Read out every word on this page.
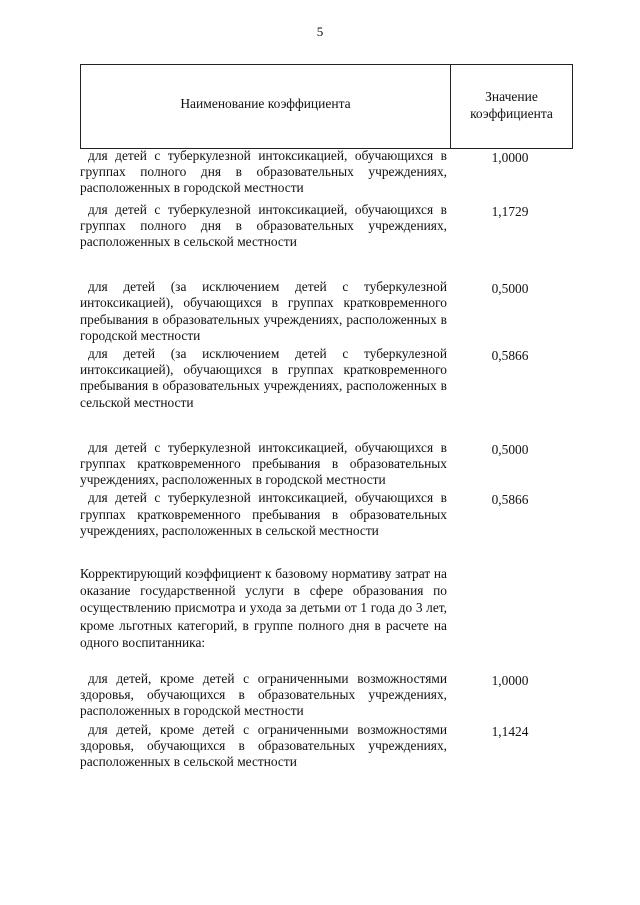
5
Наименование коэффициента	Значение
коэффициента
для детей с туберкулезной интоксикацией, обучающихся в группах полного дня в образовательных учреждениях, расположенных в городской местности
1,0000
для детей с туберкулезной интоксикацией, обучающихся в группах полного дня в образовательных учреждениях, расположенных в сельской местности
1,1729
для детей (за исключением детей с туберкулезной интоксикацией), обучающихся в группах кратковременного пребывания в образовательных учреждениях, расположенных в городской местности
0,5000
для детей (за исключением детей с туберкулезной интоксикацией), обучающихся в группах кратковременного пребывания в образовательных учреждениях, расположенных в сельской местности
0,5866
для детей с туберкулезной интоксикацией, обучающихся в группах кратковременного пребывания в образовательных учреждениях, расположенных в городской местности
0,5000
для детей с туберкулезной интоксикацией, обучающихся в группах кратковременного пребывания в образовательных учреждениях, расположенных в сельской местности
0,5866
Корректирующий коэффициент к базовому нормативу затрат на оказание государственной услуги в сфере образования по осуществлению присмотра и ухода за детьми от 1 года до 3 лет, кроме льготных категорий, в группе полного дня в расчете на одного воспитанника:
для детей, кроме детей с ограниченными возможностями здоровья, обучающихся в образовательных учреждениях, расположенных в городской местности
1,0000
для детей, кроме детей с ограниченными возможностями здоровья, обучающихся в образовательных учреждениях, расположенных в сельской местности
1,1424
